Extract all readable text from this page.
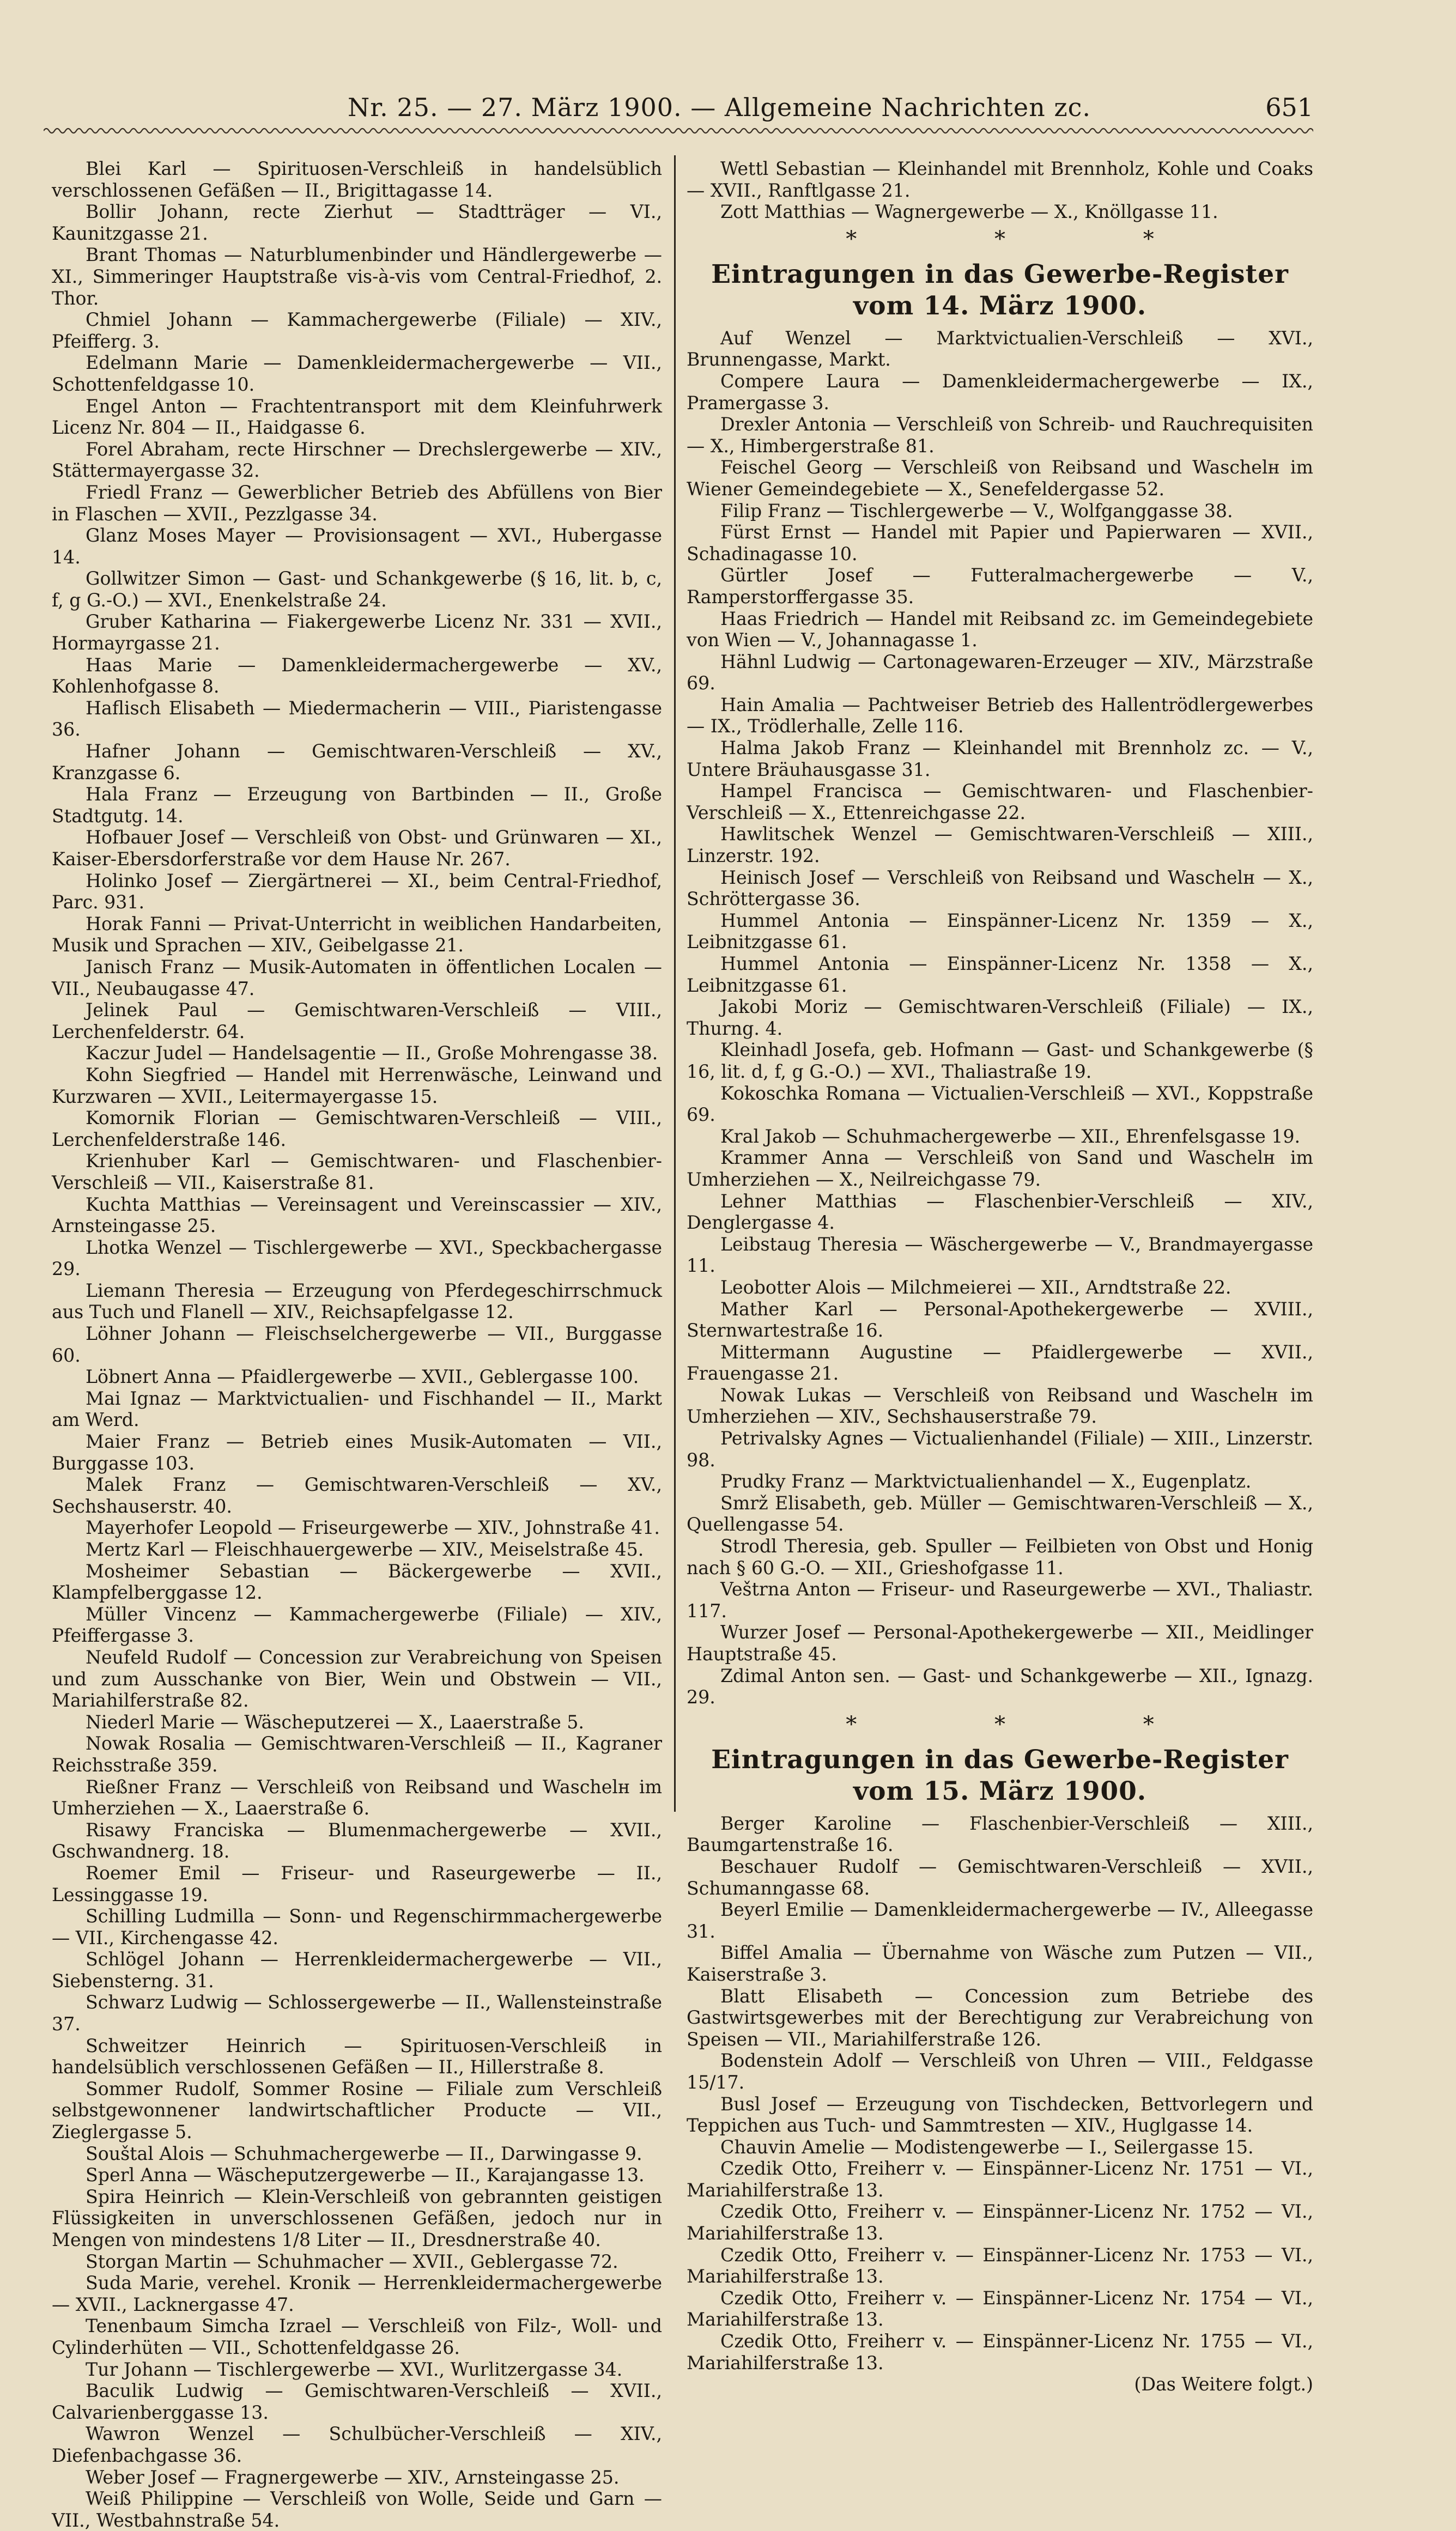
Nr. 25. — 27. März 1900. — Allgemeine Nachrichten zc.	651

Blei Karl — Spirituosen-Verschleiß in handelsüblich verschlossenen Gefäßen — II., Brigittagasse 14.

Bollir Johann, recte Zierhut — Stadtträger — VI., Kaunitzgasse 21.

Brant Thomas — Naturblumenbinder und Händlergewerbe — XI., Simmeringer Hauptstraße vis-à-vis vom Central-Friedhof, 2. Thor.

Chmiel Johann — Kammachergewerbe (Filiale) — XIV., Pfeifferg. 3.

Edelmann Marie — Damenkleidermachergewerbe — VII., Schottenfeldgasse 10.

Engel Anton — Frachtentransport mit dem Kleinfuhrwerk Licenz Nr. 804 — II., Haidgasse 6.

Forel Abraham, recte Hirschner — Drechslergewerbe — XIV., Stättermayergasse 32.

Friedl Franz — Gewerblicher Betrieb des Abfüllens von Bier in Flaschen — XVII., Pezzlgasse 34.

Glanz Moses Mayer — Provisionsagent — XVI., Hubergasse 14.

Gollwitzer Simon — Gast- und Schankgewerbe (§ 16, lit. b, c, f, g G.-O.) — XVI., Enenkelstraße 24.

Gruber Katharina — Fiakergewerbe Licenz Nr. 331 — XVII., Hormayrgasse 21.

Haas Marie — Damenkleidermachergewerbe — XV., Kohlenhofgasse 8.

Haflisch Elisabeth — Miedermacherin — VIII., Piaristengasse 36.

Hafner Johann — Gemischtwaren-Verschleiß — XV., Kranzgasse 6.

Hala Franz — Erzeugung von Bartbinden — II., Große Stadtgutg. 14.

Hofbauer Josef — Verschleiß von Obst- und Grünwaren — XI., Kaiser-Ebersdorferstraße vor dem Hause Nr. 267.

Holinko Josef — Ziergärtnerei — XI., beim Central-Friedhof, Parc. 931.

Horak Fanni — Privat-Unterricht in weiblichen Handarbeiten, Musik und Sprachen — XIV., Geibelgasse 21.

Janisch Franz — Musik-Automaten in öffentlichen Localen — VII., Neubaugasse 47.

Jelinek Paul — Gemischtwaren-Verschleiß — VIII., Lerchenfelderstr. 64.

Kaczur Judel — Handelsagentie — II., Große Mohrengasse 38.

Kohn Siegfried — Handel mit Herrenwäsche, Leinwand und Kurzwaren — XVII., Leitermayergasse 15.

Komornik Florian — Gemischtwaren-Verschleiß — VIII., Lerchenfelderstraße 146.

Krienhuber Karl — Gemischtwaren- und Flaschenbier-Verschleiß — VII., Kaiserstraße 81.

Kuchta Matthias — Vereinsagent und Vereinscassier — XIV., Arnsteingasse 25.

Lhotka Wenzel — Tischlergewerbe — XVI., Speckbachergasse 29.

Liemann Theresia — Erzeugung von Pferdegeschirrschmuck aus Tuch und Flanell — XIV., Reichsapfelgasse 12.

Löhner Johann — Fleischselchergewerbe — VII., Burggasse 60.

Löbnert Anna — Pfaidlergewerbe — XVII., Geblergasse 100.

Mai Ignaz — Marktvictualien- und Fischhandel — II., Markt am Werd.

Maier Franz — Betrieb eines Musik-Automaten — VII., Burggasse 103.

Malek Franz — Gemischtwaren-Verschleiß — XV., Sechshauserstr. 40.

Mayerhofer Leopold — Friseurgewerbe — XIV., Johnstraße 41.

Mertz Karl — Fleischhauergewerbe — XIV., Meiselstraße 45.

Mosheimer Sebastian — Bäckergewerbe — XVII., Klampfelberggasse 12.

Müller Vincenz — Kammachergewerbe (Filiale) — XIV., Pfeiffergasse 3.

Neufeld Rudolf — Concession zur Verabreichung von Speisen und zum Ausschanke von Bier, Wein und Obstwein — VII., Mariahilferstraße 82.

Niederl Marie — Wäscheputzerei — X., Laaerstraße 5.

Nowak Rosalia — Gemischtwaren-Verschleiß — II., Kagraner Reichsstraße 359.

Rießner Franz — Verschleiß von Reibsand und Waschelн im Umherziehen — X., Laaerstraße 6.

Risawy Franciska — Blumenmachergewerbe — XVII., Gschwandnerg. 18.

Roemer Emil — Friseur- und Raseurgewerbe — II., Lessinggasse 19.

Schilling Ludmilla — Sonn- und Regenschirmmachergewerbe — VII., Kirchengasse 42.

Schlögel Johann — Herrenkleidermachergewerbe — VII., Siebensterng. 31.

Schwarz Ludwig — Schlossergewerbe — II., Wallensteinstraße 37.

Schweitzer Heinrich — Spirituosen-Verschleiß in handelsüblich verschlossenen Gefäßen — II., Hillerstraße 8.

Sommer Rudolf, Sommer Rosine — Filiale zum Verschleiß selbstgewonnener landwirtschaftlicher Producte — VII., Zieglergasse 5.

Souštal Alois — Schuhmachergewerbe — II., Darwingasse 9.

Sperl Anna — Wäscheputzergewerbe — II., Karajangasse 13.

Spira Heinrich — Klein-Verschleiß von gebrannten geistigen Flüssigkeiten in unverschlossenen Gefäßen, jedoch nur in Mengen von mindestens 1/8 Liter — II., Dresdnerstraße 40.

Storgan Martin — Schuhmacher — XVII., Geblergasse 72.

Suda Marie, verehel. Kronik — Herrenkleidermachergewerbe — XVII., Lacknergasse 47.

Tenenbaum Simcha Izrael — Verschleiß von Filz-, Woll- und Cylinderhüten — VII., Schottenfeldgasse 26.

Tur Johann — Tischlergewerbe — XVI., Wurlitzergasse 34.

Baculik Ludwig — Gemischtwaren-Verschleiß — XVII., Calvarienberggasse 13.

Wawron Wenzel — Schulbücher-Verschleiß — XIV., Diefenbachgasse 36.

Weber Josef — Fragnergewerbe — XIV., Arnsteingasse 25.

Weiß Philippine — Verschleiß von Wolle, Seide und Garn — VII., Westbahnstraße 54.

Wettl Sebastian — Kleinhandel mit Brennholz, Kohle und Coaks — XVII., Ranftlgasse 21.

Zott Matthias — Wagnergewerbe — X., Knöllgasse 11.

* * *
Eintragungen in das Gewerbe-Register
vom 14. März 1900.

Auf Wenzel — Marktvictualien-Verschleiß — XVI., Brunnengasse, Markt.

Compere Laura — Damenkleidermachergewerbe — IX., Pramergasse 3.

Drexler Antonia — Verschleiß von Schreib- und Rauchrequisiten — X., Himbergerstraße 81.

Feischel Georg — Verschleiß von Reibsand und Waschelн im Wiener Gemeindegebiete — X., Senefeldergasse 52.

Filip Franz — Tischlergewerbe — V., Wolfganggasse 38.

Fürst Ernst — Handel mit Papier und Papierwaren — XVII., Schadinagasse 10.

Gürtler Josef — Futteralmachergewerbe — V., Ramperstorffergasse 35.

Haas Friedrich — Handel mit Reibsand zc. im Gemeindegebiete von Wien — V., Johannagasse 1.

Hähnl Ludwig — Cartonagewaren-Erzeuger — XIV., Märzstraße 69.

Hain Amalia — Pachtweiser Betrieb des Hallentrödlergewerbes — IX., Trödlerhalle, Zelle 116.

Halma Jakob Franz — Kleinhandel mit Brennholz zc. — V., Untere Bräuhausgasse 31.

Hampel Francisca — Gemischtwaren- und Flaschenbier-Verschleiß — X., Ettenreichgasse 22.

Hawlitschek Wenzel — Gemischtwaren-Verschleiß — XIII., Linzerstr. 192.

Heinisch Josef — Verschleiß von Reibsand und Waschelн — X., Schröttergasse 36.

Hummel Antonia — Einspänner-Licenz Nr. 1359 — X., Leibnitzgasse 61.

Hummel Antonia — Einspänner-Licenz Nr. 1358 — X., Leibnitzgasse 61.

Jakobi Moriz — Gemischtwaren-Verschleiß (Filiale) — IX., Thurng. 4.

Kleinhadl Josefa, geb. Hofmann — Gast- und Schankgewerbe (§ 16, lit. d, f, g G.-O.) — XVI., Thaliastraße 19.

Kokoschka Romana — Victualien-Verschleiß — XVI., Koppstraße 69.

Kral Jakob — Schuhmachergewerbe — XII., Ehrenfelsgasse 19.

Krammer Anna — Verschleiß von Sand und Waschelн im Umherziehen — X., Neilreichgasse 79.

Lehner Matthias — Flaschenbier-Verschleiß — XIV., Denglergasse 4.

Leibstaug Theresia — Wäschergewerbe — V., Brandmayergasse 11.

Leobotter Alois — Milchmeierei — XII., Arndtstraße 22.

Mather Karl — Personal-Apothekergewerbe — XVIII., Sternwartestraße 16.

Mittermann Augustine — Pfaidlergewerbe — XVII., Frauengasse 21.

Nowak Lukas — Verschleiß von Reibsand und Waschelн im Umherziehen — XIV., Sechshauserstraße 79.

Petrivalsky Agnes — Victualienhandel (Filiale) — XIII., Linzerstr. 98.

Prudky Franz — Marktvictualienhandel — X., Eugenplatz.

Smrž Elisabeth, geb. Müller — Gemischtwaren-Verschleiß — X., Quellengasse 54.

Strodl Theresia, geb. Spuller — Feilbieten von Obst und Honig nach § 60 G.-O. — XII., Grieshofgasse 11.

Veštrna Anton — Friseur- und Raseurgewerbe — XVI., Thaliastr. 117.

Wurzer Josef — Personal-Apothekergewerbe — XII., Meidlinger Hauptstraße 45.

Zdimal Anton sen. — Gast- und Schankgewerbe — XII., Ignazg. 29.

* * *
Eintragungen in das Gewerbe-Register
vom 15. März 1900.

Berger Karoline — Flaschenbier-Verschleiß — XIII., Baumgartenstraße 16.

Beschauer Rudolf — Gemischtwaren-Verschleiß — XVII., Schumanngasse 68.

Beyerl Emilie — Damenkleidermachergewerbe — IV., Alleegasse 31.

Biffel Amalia — Übernahme von Wäsche zum Putzen — VII., Kaiserstraße 3.

Blatt Elisabeth — Concession zum Betriebe des Gastwirtsgewerbes mit der Berechtigung zur Verabreichung von Speisen — VII., Mariahilferstraße 126.

Bodenstein Adolf — Verschleiß von Uhren — VIII., Feldgasse 15/17.

Busl Josef — Erzeugung von Tischdecken, Bettvorlegern und Teppichen aus Tuch- und Sammtresten — XIV., Huglgasse 14.

Chauvin Amelie — Modistengewerbe — I., Seilergasse 15.

Czedik Otto, Freiherr v. — Einspänner-Licenz Nr. 1751 — VI., Mariahilferstraße 13.

Czedik Otto, Freiherr v. — Einspänner-Licenz Nr. 1752 — VI., Mariahilferstraße 13.

Czedik Otto, Freiherr v. — Einspänner-Licenz Nr. 1753 — VI., Mariahilferstraße 13.

Czedik Otto, Freiherr v. — Einspänner-Licenz Nr. 1754 — VI., Mariahilferstraße 13.

Czedik Otto, Freiherr v. — Einspänner-Licenz Nr. 1755 — VI., Mariahilferstraße 13.

(Das Weitere folgt.)
